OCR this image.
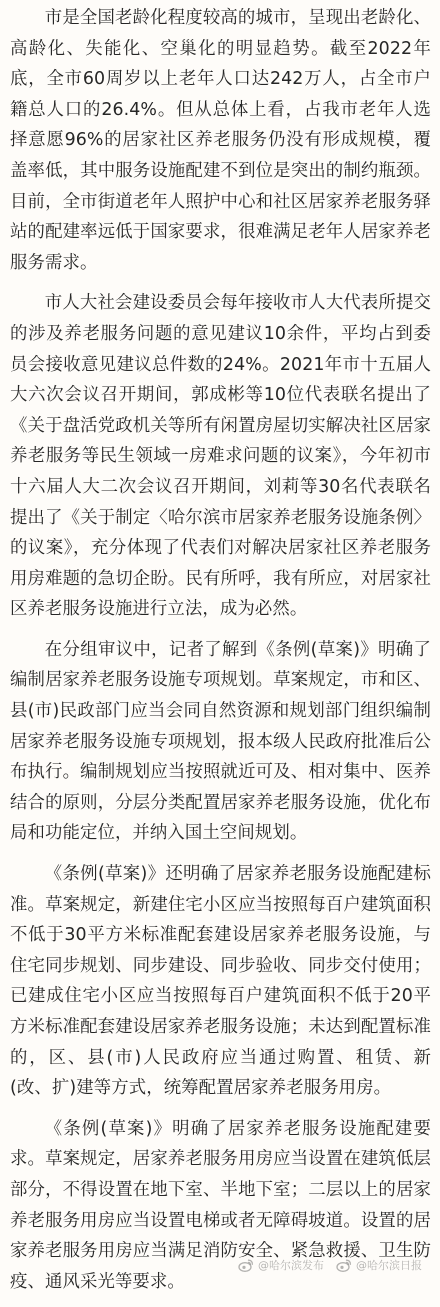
市是全国老龄化程度较高的城市，呈现出老龄化、高龄化、失能化、空巢化的明显趋势。截至2022年底，全市60周岁以上老年人口达242万人，占全市户籍总人口的26.4%。但从总体上看，占我市老年人选择意愿96%的居家社区养老服务仍没有形成规模，覆盖率低，其中服务设施配建不到位是突出的制约瓶颈。目前，全市街道老年人照护中心和社区居家养老服务驿站的配建率远低于国家要求，很难满足老年人居家养老服务需求。

市人大社会建设委员会每年接收市人大代表所提交的涉及养老服务问题的意见建议10余件，平均占到委员会接收意见建议总件数的24%。2021年市十五届人大六次会议召开期间，郭成彬等10位代表联名提出了《关于盘活党政机关等所有闲置房屋切实解决社区居家养老服务等民生领域一房难求问题的议案》，今年初市十六届人大二次会议召开期间，刘莉等30名代表联名提出了《关于制定〈哈尔滨市居家养老服务设施条例〉的议案》，充分体现了代表们对解决居家社区养老服务用房难题的急切企盼。民有所呼，我有所应，对居家社区养老服务设施进行立法，成为必然。

在分组审议中，记者了解到《条例(草案)》明确了编制居家养老服务设施专项规划。草案规定，市和区、县(市)民政部门应当会同自然资源和规划部门组织编制居家养老服务设施专项规划，报本级人民政府批准后公布执行。编制规划应当按照就近可及、相对集中、医养结合的原则，分层分类配置居家养老服务设施，优化布局和功能定位，并纳入国土空间规划。

《条例(草案)》还明确了居家养老服务设施配建标准。草案规定，新建住宅小区应当按照每百户建筑面积不低于30平方米标准配套建设居家养老服务设施，与住宅同步规划、同步建设、同步验收、同步交付使用；已建成住宅小区应当按照每百户建筑面积不低于20平方米标准配套建设居家养老服务设施；未达到配置标准的，区、县(市)人民政府应当通过购置、租赁、新(改、扩)建等方式，统筹配置居家养老服务用房。

《条例(草案)》明确了居家养老服务设施配建要求。草案规定，居家养老服务用房应当设置在建筑低层部分，不得设置在地下室、半地下室；二层以上的居家养老服务用房应当设置电梯或者无障碍坡道。设置的居家养老服务用房应当满足消防安全、紧急救援、卫生防疫、通风采光等要求。

@哈尔滨发布	@哈尔滨日报
